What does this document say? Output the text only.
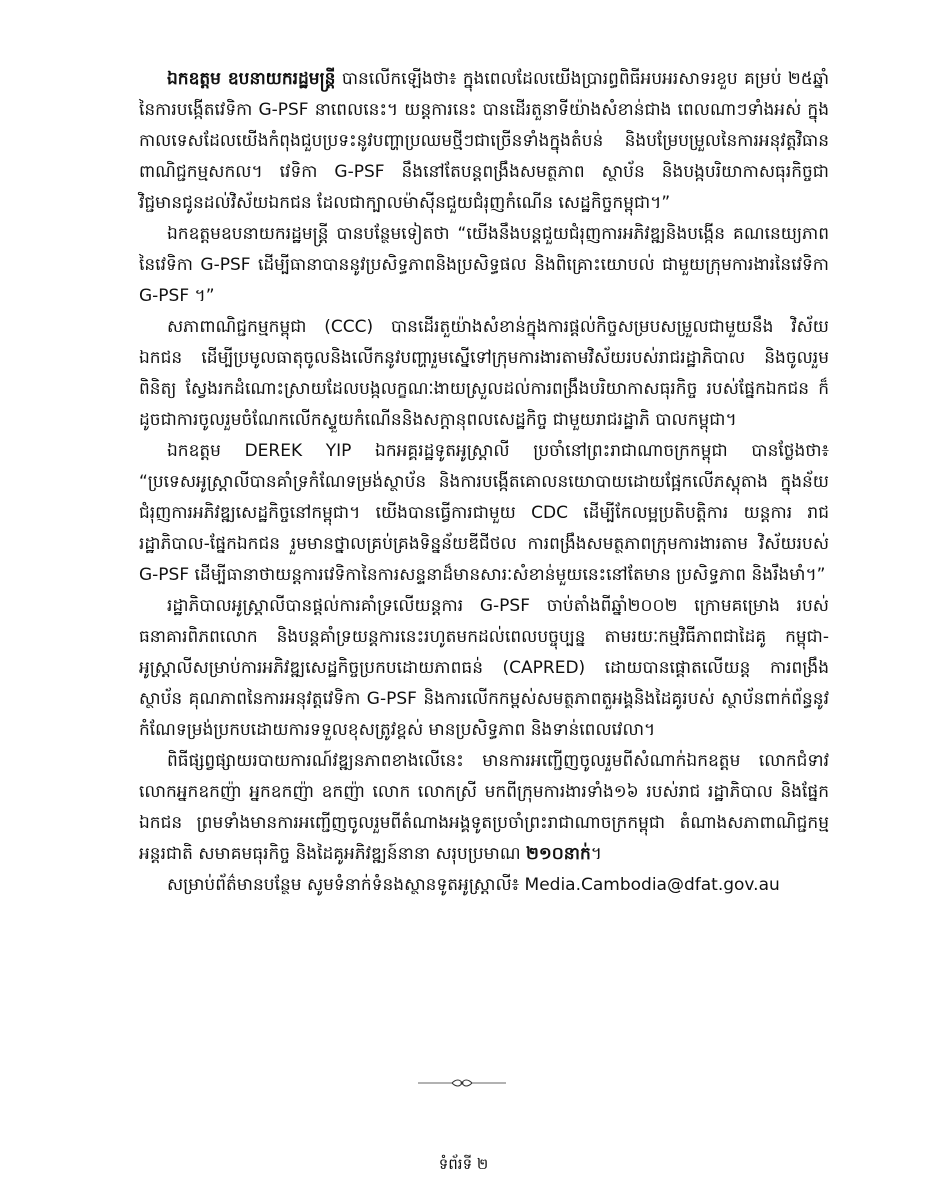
ឯកឧត្តម ឧបនាយករដ្ឋមន្ត្រី បានលើកឡើងថា៖ ក្នុងពេលដែលយើងប្រារព្ធពិធីអបអរសាទរខួប គម្រប់ ២៥ឆ្នាំ នៃការបង្កើតវេទិកា G-PSF នាពេលនេះ។ យន្តការនេះ បានដើរតួនាទីយ៉ាងសំខាន់ជាង ពេលណាៗទាំងអស់ ក្នុងកាលទេសដែលយើងកំពុងជួបប្រទះនូវបញ្ហាប្រឈមថ្មីៗជាច្រើនទាំងក្នុងតំបន់ និងបម្រែបម្រួលនៃការអនុវត្តវិធានពាណិជ្ជកម្មសកល។ វេទិកា G-PSF នឹងនៅតែបន្តពង្រឹងសមត្ថភាព ស្ថាប័ន និងបង្កបរិយាកាសធុរកិច្ចជាវិជ្ជមានជូនដល់វិស័យឯកជន ដែលជាក្បាលម៉ាស៊ីនជួយជំរុញកំណើន សេដ្ឋកិច្ចកម្ពុជា។”

ឯកឧត្តមឧបនាយករដ្ឋមន្ត្រី បានបន្ថែមទៀតថា “យើងនឹងបន្តជួយជំរុញការអភិវឌ្ឍនិងបង្កើន គណនេយ្យភាពនៃវេទិកា G-PSF ដើម្បីធានាបាននូវប្រសិទ្ធភាពនិងប្រសិទ្ធផល និងពិគ្រោះយោបល់ ជាមួយក្រុមការងារនៃវេទិកា G-PSF ។”

សភាពាណិជ្ជកម្មកម្ពុជា (CCC) បានដើរតួយ៉ាងសំខាន់ក្នុងការផ្តល់កិច្ចសម្របសម្រួលជាមួយនឹង វិស័យឯកជន ដើម្បីប្រមូលធាតុចូលនិងលើកនូវបញ្ហារួមស្នើទៅក្រុមការងារតាមវិស័យរបស់រាជរដ្ឋាភិបាល និងចូលរួមពិនិត្យ ស្វែងរកដំណោះស្រាយដែលបង្កលក្ខណៈងាយស្រួលដល់ការពង្រឹងបរិយាកាសធុរកិច្ច របស់ផ្នែកឯកជន ក៏ដូចជាការចូលរួមចំណែកលើកស្ទួយកំណើននិងសក្តានុពលសេដ្ឋកិច្ច ជាមួយរាជរដ្ឋាភិ បាលកម្ពុជា។

ឯកឧត្តម DEREK YIP ឯកអគ្គរដ្ឋទូតអូស្ត្រាលី ប្រចាំនៅព្រះរាជាណាចក្រកម្ពុជា បានថ្លែងថា៖ “ប្រទេសអូស្ត្រាលីបានគាំទ្រកំណែទម្រង់ស្ថាប័ន និងការបង្កើតគោលនយោបាយដោយផ្អែកលើភស្តុតាង ក្នុងន័យជំរុញការអភិវឌ្ឍសេដ្ឋកិច្ចនៅកម្ពុជា។ យើងបានធ្វើការជាមួយ CDC ដើម្បីកែលម្អប្រតិបត្តិការ យន្តការ រាជរដ្ឋាភិបាល-ផ្នែកឯកជន រួមមានថ្នាលគ្រប់គ្រងទិន្នន័យឌីជីថល ការពង្រឹងសមត្ថភាពក្រុមការងារតាម វិស័យរបស់ G-PSF ដើម្បីធានាថាយន្តការវេទិកានៃការសន្ទនាដ៏មានសារៈសំខាន់មួយនេះនៅតែមាន ប្រសិទ្ធភាព និងរឹងមាំ។”

រដ្ឋាភិបាលអូស្ត្រាលីបានផ្តល់ការគាំទ្រលើយន្តការ G-PSF ចាប់តាំងពីឆ្នាំ២០០២ ក្រោមគម្រោង របស់ធនាគារពិភពលោក និងបន្តគាំទ្រយន្តការនេះរហូតមកដល់ពេលបច្ចុប្បន្ន តាមរយៈកម្មវិធីភាពជាដៃគូ កម្ពុជា-អូស្ត្រាលីសម្រាប់ការអភិវឌ្ឍសេដ្ឋកិច្ចប្រកបដោយភាពធន់ (CAPRED) ដោយបានផ្តោតលើយន្ត ការពង្រឹងស្ថាប័ន គុណភាពនៃការអនុវត្តវេទិកា G-PSF និងការលើកកម្ពស់សមត្ថភាពតួអង្គនិងដៃគូរបស់ ស្ថាប័នពាក់ព័ន្ធនូវកំណែទម្រង់ប្រកបដោយការទទួលខុសត្រូវខ្ពស់ មានប្រសិទ្ធភាព និងទាន់ពេលវេលា។

ពិធីផ្សព្វផ្សាយរបាយការណ៍វឌ្ឍនភាពខាងលើនេះ មានការអញ្ជើញចូលរួមពីសំណាក់ឯកឧត្តម លោកជំទាវ លោកអ្នកឧកញ៉ា អ្នកឧកញ៉ា ឧកញ៉ា លោក លោកស្រី មកពីក្រុមការងារទាំង១៦ របស់រាជ រដ្ឋាភិបាល និងផ្នែកឯកជន ព្រមទាំងមានការអញ្ជើញចូលរួមពីតំណាងអង្គទូតប្រចាំព្រះរាជាណាចក្រកម្ពុជា តំណាងសភាពាណិជ្ជកម្មអន្តរជាតិ សមាគមធុរកិច្ច និងដៃគូអភិវឌ្ឍន៍នានា សរុបប្រមាណ ២១០នាក់។

សម្រាប់ព័ត៌មានបន្ថែម សូមទំនាក់ទំនងស្ថានទូតអូស្ត្រាលី៖ Media.Cambodia@dfat.gov.au

ទំព័រទី ២
